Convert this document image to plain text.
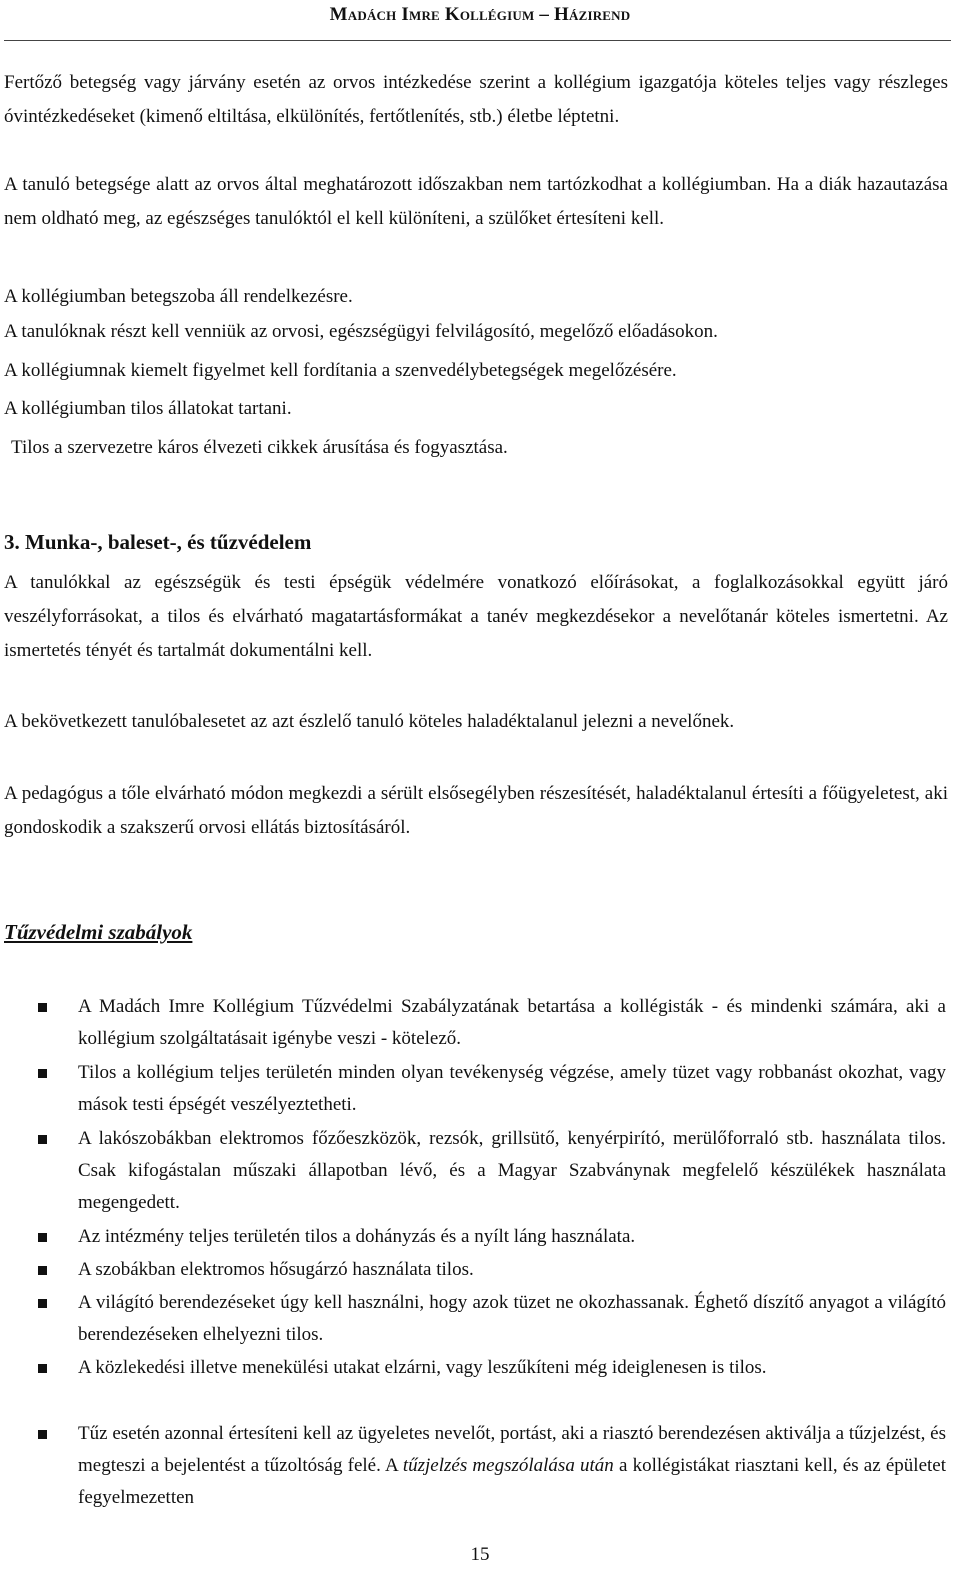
Madách Imre Kollégium – Házirend

Fertőző betegség vagy járvány esetén az orvos intézkedése szerint a kollégium igazgatója köteles teljes vagy részleges óvintézkedéseket (kimenő eltiltása, elkülönítés, fertőtlenítés, stb.) életbe léptetni.

A tanuló betegsége alatt az orvos által meghatározott időszakban nem tartózkodhat a kollégiumban. Ha a diák hazautazása nem oldható meg, az egészséges tanulóktól el kell különíteni, a szülőket értesíteni kell.

A kollégiumban betegszoba áll rendelkezésre.

A tanulóknak részt kell venniük az orvosi, egészségügyi felvilágosító, megelőző előadásokon.

A kollégiumnak kiemelt figyelmet kell fordítania a szenvedélybetegségek megelőzésére.

A kollégiumban tilos állatokat tartani.

Tilos a szervezetre káros élvezeti cikkek árusítása és fogyasztása.

3. Munka-, baleset-, és tűzvédelem

A tanulókkal az egészségük és testi épségük védelmére vonatkozó előírásokat, a foglalkozásokkal együtt járó veszélyforrásokat, a tilos és elvárható magatartásformákat a tanév megkezdésekor a nevelőtanár köteles ismertetni. Az ismertetés tényét és tartalmát dokumentálni kell.

A bekövetkezett tanulóbalesetet az azt észlelő tanuló köteles haladéktalanul jelezni a nevelőnek.

A pedagógus a tőle elvárható módon megkezdi a sérült elsősegélyben részesítését, haladéktalanul értesíti a főügyeletest, aki gondoskodik a szakszerű orvosi ellátás biztosításáról.

Tűzvédelmi szabályok

A Madách Imre Kollégium Tűzvédelmi Szabályzatának betartása a kollégisták - és mindenki számára, aki a kollégium szolgáltatásait igénybe veszi - kötelező.

Tilos a kollégium teljes területén minden olyan tevékenység végzése, amely tüzet vagy robbanást okozhat, vagy mások testi épségét veszélyeztetheti.

A lakószobákban elektromos főzőeszközök, rezsók, grillsütő, kenyérpirító, merülőforraló stb. használata tilos. Csak kifogástalan műszaki állapotban lévő, és a Magyar Szabványnak megfelelő készülékek használata megengedett.

Az intézmény teljes területén tilos a dohányzás és a nyílt láng használata.

A szobákban elektromos hősugárzó használata tilos.

A világító berendezéseket úgy kell használni, hogy azok tüzet ne okozhassanak. Éghető díszítő anyagot a világító berendezéseken elhelyezni tilos.

A közlekedési illetve menekülési utakat elzárni, vagy leszűkíteni még ideiglenesen is tilos.

Tűz esetén azonnal értesíteni kell az ügyeletes nevelőt, portást, aki a riasztó berendezésen aktiválja a tűzjelzést, és megteszi a bejelentést a tűzoltóság felé. A tűzjelzés megszólalása után a kollégistákat riasztani kell, és az épületet fegyelmezetten

15
